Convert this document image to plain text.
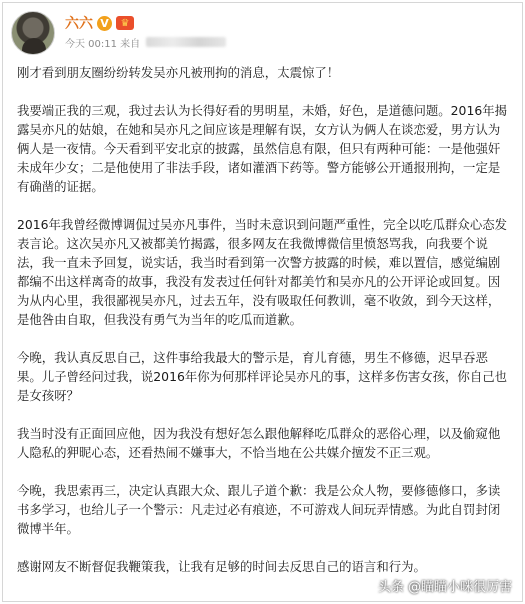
六六 V	♛
今天 00:11 来自

刚才看到朋友圈纷纷转发吴亦凡被刑拘的消息，太震惊了！

我要端正我的三观，我过去认为长得好看的男明星，未婚，好色，是道德问题。2016年揭露吴亦凡的姑娘，在她和吴亦凡之间应该是理解有误，女方认为俩人在谈恋爱，男方认为俩人是一夜情。今天看到平安北京的披露，虽然信息有限，但只有两种可能：一是他强奸未成年少女；二是他使用了非法手段，诸如灌酒下药等。警方能够公开通报刑拘，一定是有确凿的证据。

2016年我曾经微博调侃过吴亦凡事件，当时未意识到问题严重性，完全以吃瓜群众心态发表言论。这次吴亦凡又被都美竹揭露，很多网友在我微博微信里愤怒骂我，向我要个说法，我一直未予回复，说实话，我当时看到第一次警方披露的时候，难以置信，感觉编剧都编不出这样离奇的故事，我没有发表过任何针对都美竹和吴亦凡的公开评论或回复。因为从内心里，我很鄙视吴亦凡，过去五年，没有吸取任何教训，毫不收敛，到今天这样，是他咎由自取，但我没有勇气为当年的吃瓜而道歉。

今晚，我认真反思自己，这件事给我最大的警示是，育儿育德，男生不修德，迟早吞恶果。儿子曾经问过我，说2016年你为何那样评论吴亦凡的事，这样多伤害女孩，你自己也是女孩呀？

我当时没有正面回应他，因为我没有想好怎么跟他解释吃瓜群众的恶俗心理，以及偷窥他人隐私的狎昵心态，还看热闹不嫌事大，不恰当地在公共媒介擅发不正三观。

今晚，我思索再三，决定认真跟大众、跟儿子道个歉：我是公众人物，要修德修口，多读书多学习，也给儿子一个警示：凡走过必有痕迹，不可游戏人间玩弄情感。为此自罚封闭微博半年。

感谢网友不断督促我鞭策我，让我有足够的时间去反思自己的语言和行为。

头条 @瞄瞄小咪很厉害
